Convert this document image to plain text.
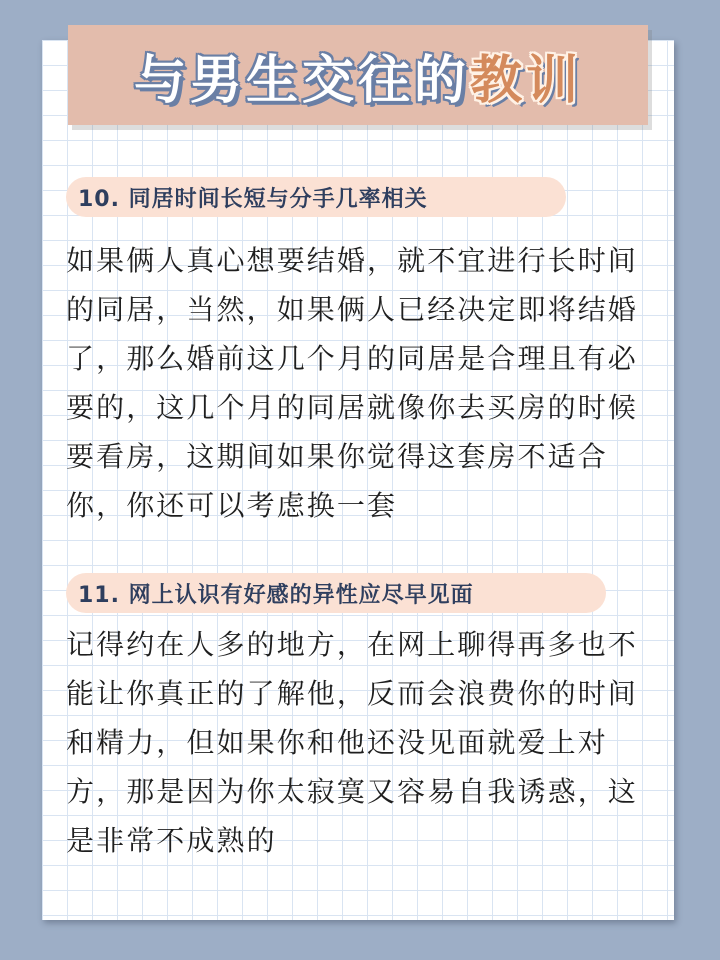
与男生交往的教训
10. 同居时间长短与分手几率相关

如果俩人真心想要结婚，就不宜进行长时间的同居，当然，如果俩人已经决定即将结婚了，那么婚前这几个月的同居是合理且有必要的，这几个月的同居就像你去买房的时候要看房，这期间如果你觉得这套房不适合你，你还可以考虑换一套

11. 网上认识有好感的异性应尽早见面

记得约在人多的地方，在网上聊得再多也不能让你真正的了解他，反而会浪费你的时间和精力，但如果你和他还没见面就爱上对方，那是因为你太寂寞又容易自我诱惑，这是非常不成熟的
